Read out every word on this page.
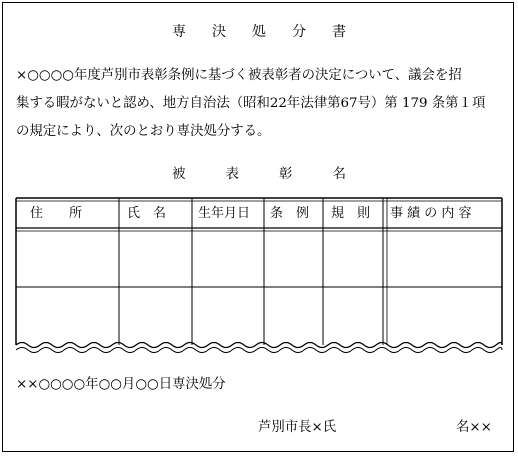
専決処分書
×○○○○年度芦別市表彰条例に基づく被表彰者の決定について、議会を招
集する暇がないと認め、地方自治法（昭和22年法律第67号）第 179 条第１項
の規定により、次のとおり専決処分する。
被表彰名
住　　所	氏　名	生年月日	条　例	規　則	事 績 の 内 容
××○○○○年○○月○○日専決処分
芦別市長×氏	名××
